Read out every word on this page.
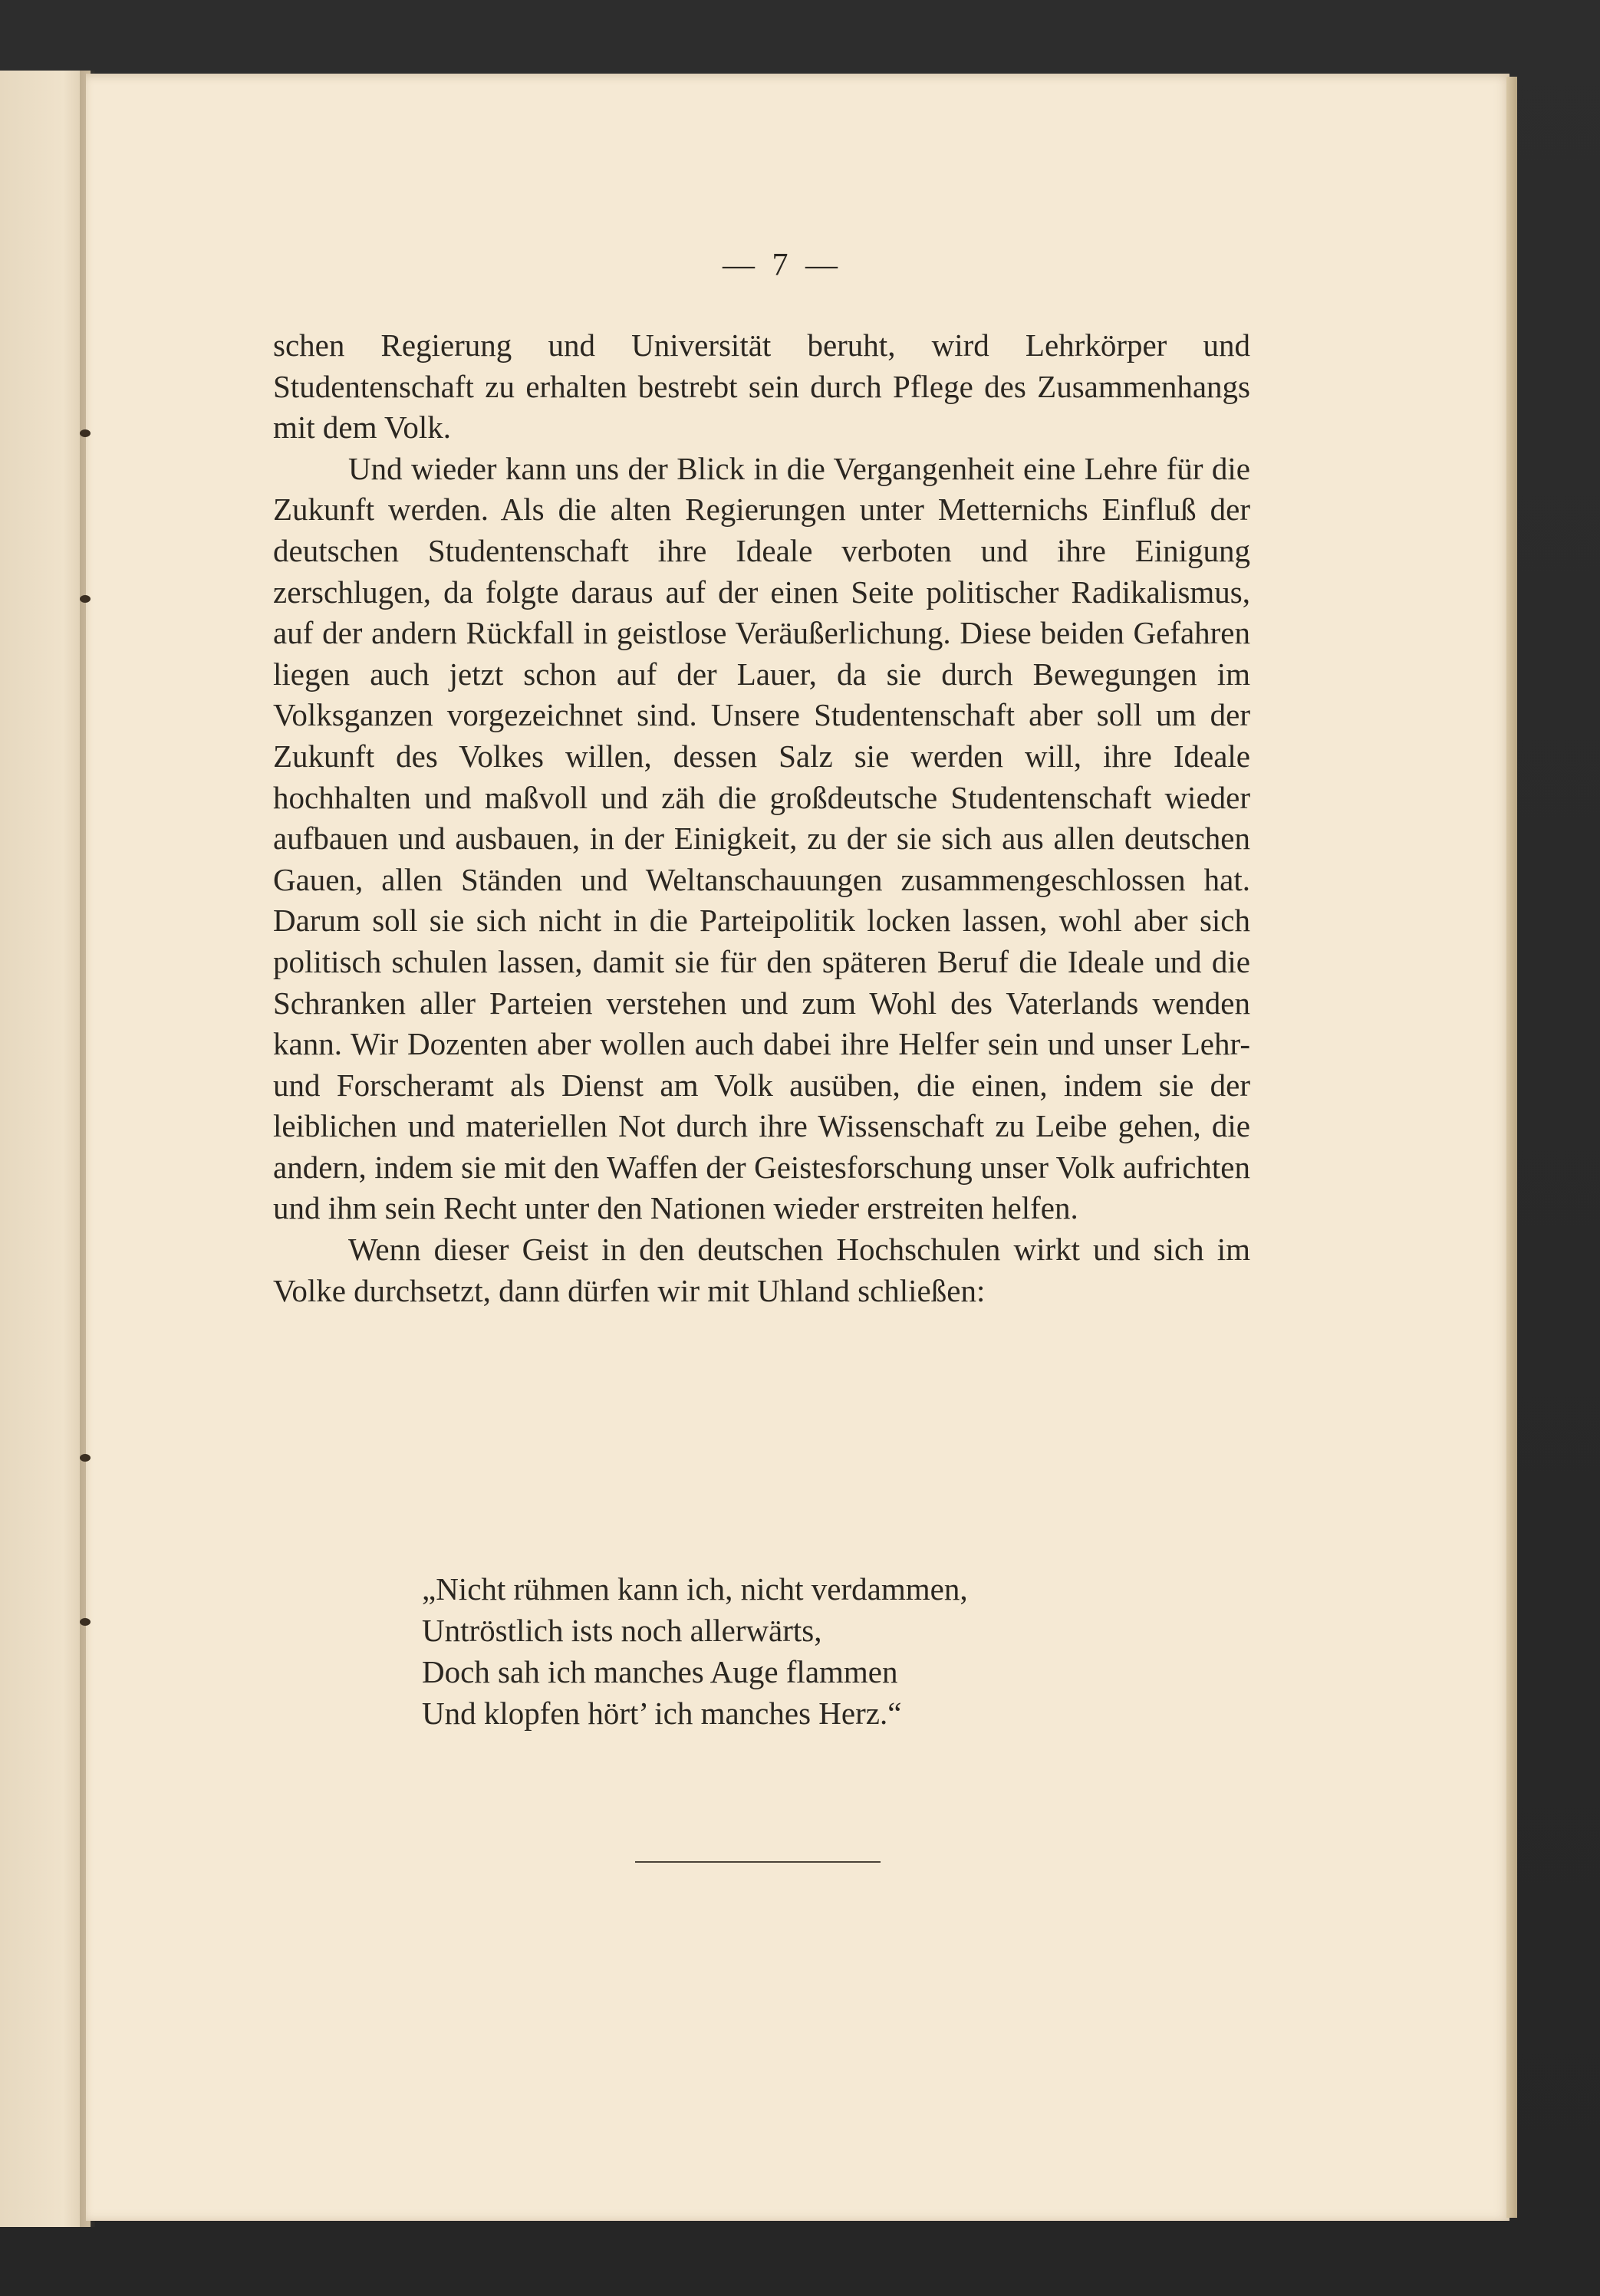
— 7 —

schen Regierung und Universität beruht, wird Lehrkörper und Studentenschaft zu erhalten bestrebt sein durch Pflege des Zusammenhangs mit dem Volk.

Und wieder kann uns der Blick in die Vergangenheit eine Lehre für die Zukunft werden. Als die alten Regierungen unter Metternichs Einfluß der deutschen Studentenschaft ihre Ideale verboten und ihre Einigung zerschlugen, da folgte daraus auf der einen Seite politischer Radikalismus, auf der andern Rückfall in geistlose Veräußerlichung. Diese beiden Gefahren liegen auch jetzt schon auf der Lauer, da sie durch Bewegungen im Volksganzen vorgezeichnet sind. Unsere Studentenschaft aber soll um der Zukunft des Volkes willen, dessen Salz sie werden will, ihre Ideale hochhalten und maßvoll und zäh die großdeutsche Studentenschaft wieder aufbauen und ausbauen, in der Einigkeit, zu der sie sich aus allen deutschen Gauen, allen Ständen und Weltanschauungen zusammengeschlossen hat. Darum soll sie sich nicht in die Parteipolitik locken lassen, wohl aber sich politisch schulen lassen, damit sie für den späteren Beruf die Ideale und die Schranken aller Parteien verstehen und zum Wohl des Vaterlands wenden kann. Wir Dozenten aber wollen auch dabei ihre Helfer sein und unser Lehr- und Forscheramt als Dienst am Volk ausüben, die einen, indem sie der leiblichen und materiellen Not durch ihre Wissenschaft zu Leibe gehen, die andern, indem sie mit den Waffen der Geistesforschung unser Volk aufrichten und ihm sein Recht unter den Nationen wieder erstreiten helfen.

Wenn dieser Geist in den deutschen Hochschulen wirkt und sich im Volke durchsetzt, dann dürfen wir mit Uhland schließen:

„Nicht rühmen kann ich, nicht verdammen,
Untröstlich ists noch allerwärts,
Doch sah ich manches Auge flammen
Und klopfen hört’ ich manches Herz.“
